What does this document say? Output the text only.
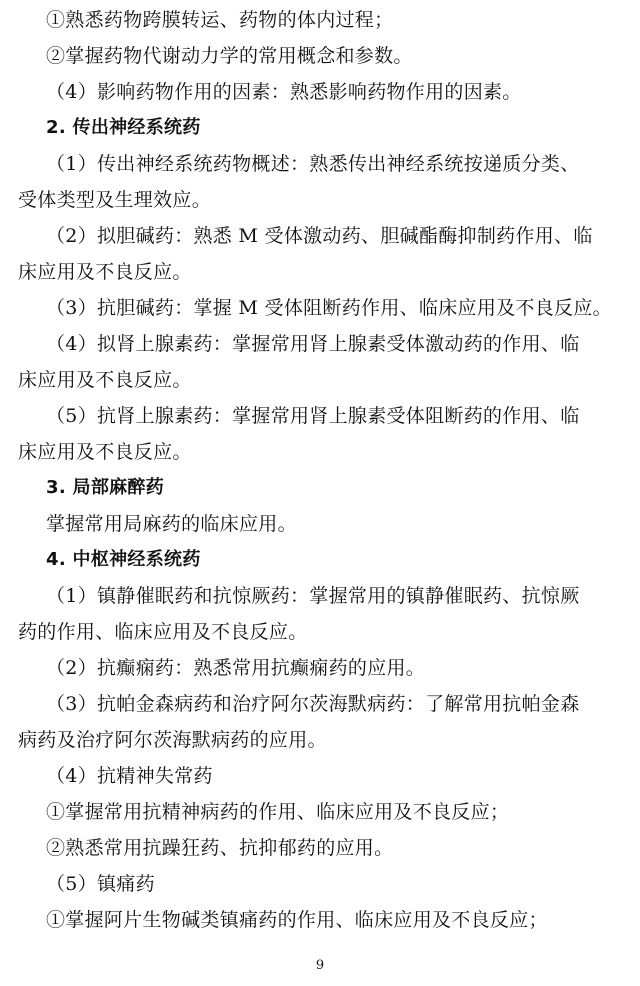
①熟悉药物跨膜转运、药物的体内过程；
②掌握药物代谢动力学的常用概念和参数。
（4）影响药物作用的因素：熟悉影响药物作用的因素。
2. 传出神经系统药
（1）传出神经系统药物概述：熟悉传出神经系统按递质分类、
受体类型及生理效应。
（2）拟胆碱药：熟悉 M 受体激动药、胆碱酯酶抑制药作用、临
床应用及不良反应。
（3）抗胆碱药：掌握 M 受体阻断药作用、临床应用及不良反应。
（4）拟肾上腺素药：掌握常用肾上腺素受体激动药的作用、临
床应用及不良反应。
（5）抗肾上腺素药：掌握常用肾上腺素受体阻断药的作用、临
床应用及不良反应。
3. 局部麻醉药
掌握常用局麻药的临床应用。
4. 中枢神经系统药
（1）镇静催眠药和抗惊厥药：掌握常用的镇静催眠药、抗惊厥
药的作用、临床应用及不良反应。
（2）抗癫痫药：熟悉常用抗癫痫药的应用。
（3）抗帕金森病药和治疗阿尔茨海默病药：了解常用抗帕金森
病药及治疗阿尔茨海默病药的应用。
（4）抗精神失常药
①掌握常用抗精神病药的作用、临床应用及不良反应；
②熟悉常用抗躁狂药、抗抑郁药的应用。
（5）镇痛药
①掌握阿片生物碱类镇痛药的作用、临床应用及不良反应；
9
